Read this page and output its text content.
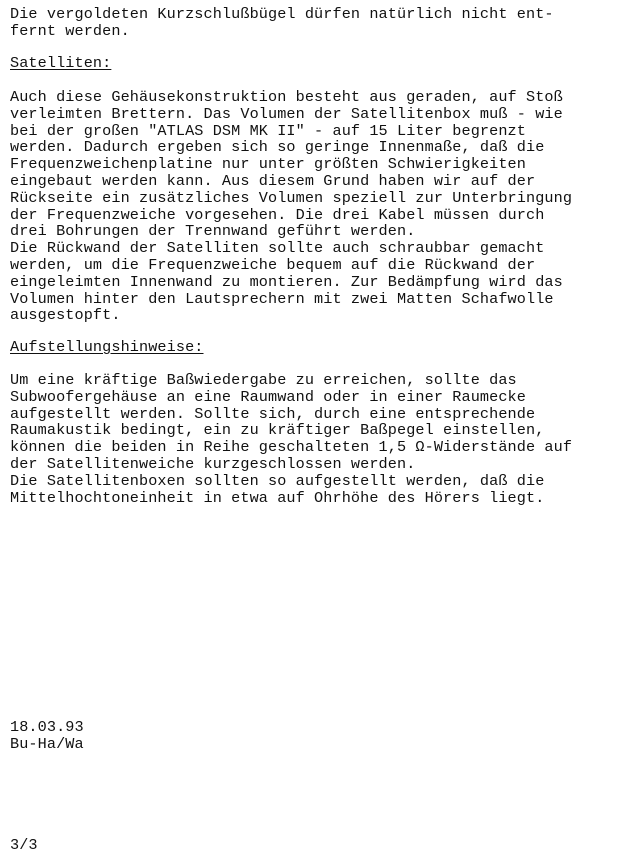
Die vergoldeten Kurzschlußbügel dürfen natürlich nicht ent-
fernt werden.
Satelliten:
Auch diese Gehäusekonstruktion besteht aus geraden, auf Stoß
verleimten Brettern. Das Volumen der Satellitenbox muß - wie
bei der großen "ATLAS DSM MK II" - auf 15 Liter begrenzt
werden. Dadurch ergeben sich so geringe Innenmaße, daß die
Frequenzweichenplatine nur unter größten Schwierigkeiten
eingebaut werden kann. Aus diesem Grund haben wir auf der
Rückseite ein zusätzliches Volumen speziell zur Unterbringung
der Frequenzweiche vorgesehen. Die drei Kabel müssen durch
drei Bohrungen der Trennwand geführt werden.
Die Rückwand der Satelliten sollte auch schraubbar gemacht
werden, um die Frequenzweiche bequem auf die Rückwand der
eingeleimten Innenwand zu montieren. Zur Bedämpfung wird das
Volumen hinter den Lautsprechern mit zwei Matten Schafwolle
ausgestopft.
Aufstellungshinweise:
Um eine kräftige Baßwiedergabe zu erreichen, sollte das
Subwoofergehäuse an eine Raumwand oder in einer Raumecke
aufgestellt werden. Sollte sich, durch eine entsprechende
Raumakustik bedingt, ein zu kräftiger Baßpegel einstellen,
können die beiden in Reihe geschalteten 1,5 Ω-Widerstände auf
der Satellitenweiche kurzgeschlossen werden.
Die Satellitenboxen sollten so aufgestellt werden, daß die
Mittelhochtoneinheit in etwa auf Ohrhöhe des Hörers liegt.
18.03.93
Bu-Ha/Wa
3/3
